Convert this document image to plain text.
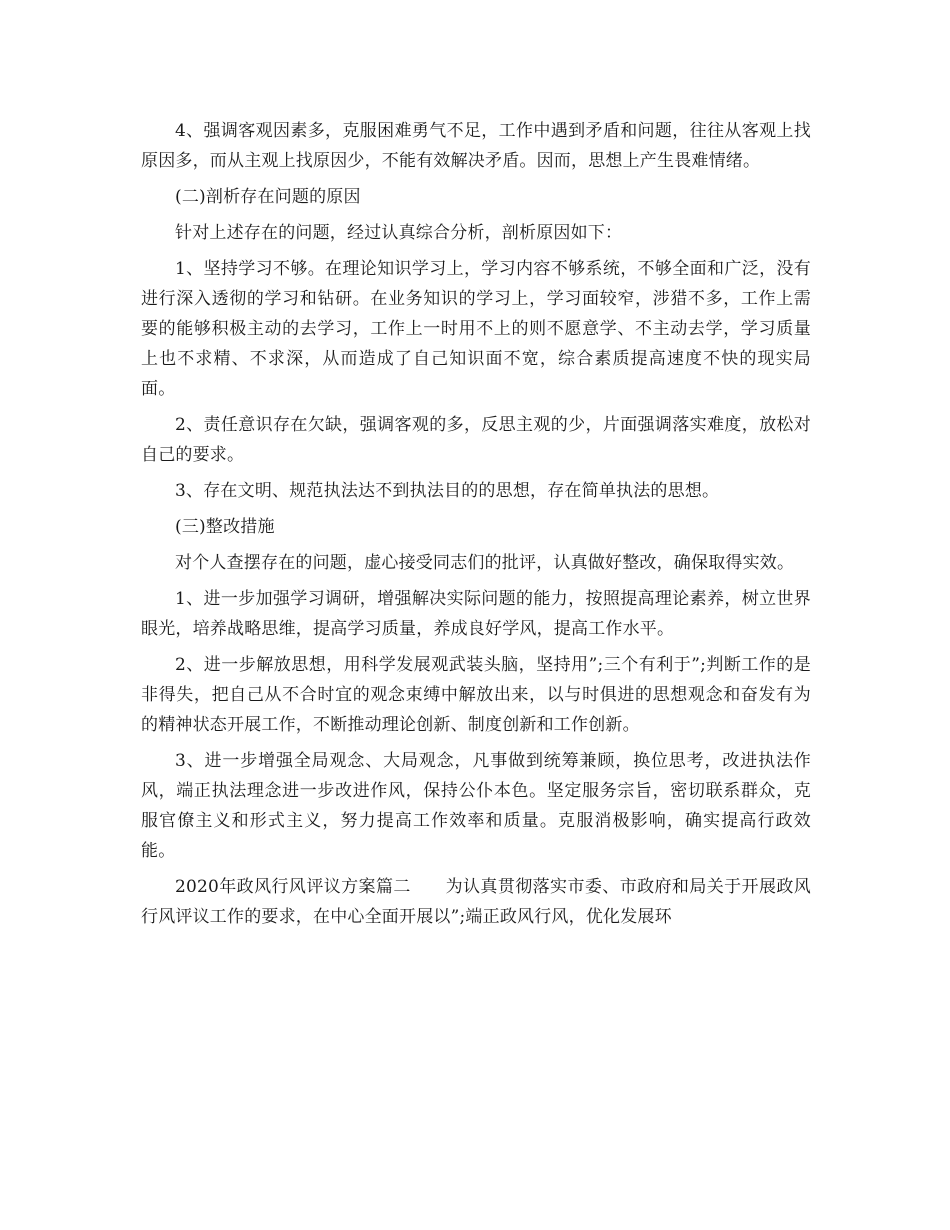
4、强调客观因素多，克服困难勇气不足，工作中遇到矛盾和问题，往往从客观上找原因多，而从主观上找原因少，不能有效解决矛盾。因而，思想上产生畏难情绪。

(二)剖析存在问题的原因

针对上述存在的问题，经过认真综合分析，剖析原因如下：

1、坚持学习不够。在理论知识学习上，学习内容不够系统，不够全面和广泛，没有进行深入透彻的学习和钻研。在业务知识的学习上，学习面较窄，涉猎不多，工作上需要的能够积极主动的去学习，工作上一时用不上的则不愿意学、不主动去学，学习质量上也不求精、不求深，从而造成了自己知识面不宽，综合素质提高速度不快的现实局面。

2、责任意识存在欠缺，强调客观的多，反思主观的少，片面强调落实难度，放松对自己的要求。

3、存在文明、规范执法达不到执法目的的思想，存在简单执法的思想。

(三)整改措施

对个人查摆存在的问题，虚心接受同志们的批评，认真做好整改，确保取得实效。

1、进一步加强学习调研，增强解决实际问题的能力，按照提高理论素养，树立世界眼光，培养战略思维，提高学习质量，养成良好学风，提高工作水平。

2、进一步解放思想，用科学发展观武装头脑，坚持用”;三个有利于”;判断工作的是非得失，把自己从不合时宜的观念束缚中解放出来，以与时俱进的思想观念和奋发有为的精神状态开展工作，不断推动理论创新、制度创新和工作创新。

3、进一步增强全局观念、大局观念，凡事做到统筹兼顾，换位思考，改进执法作风，端正执法理念进一步改进作风，保持公仆本色。坚定服务宗旨，密切联系群众，克服官僚主义和形式主义，努力提高工作效率和质量。克服消极影响，确实提高行政效能。

2020年政风行风评议方案篇二　　为认真贯彻落实市委、市政府和局关于开展政风行风评议工作的要求，在中心全面开展以”;端正政风行风，优化发展环
